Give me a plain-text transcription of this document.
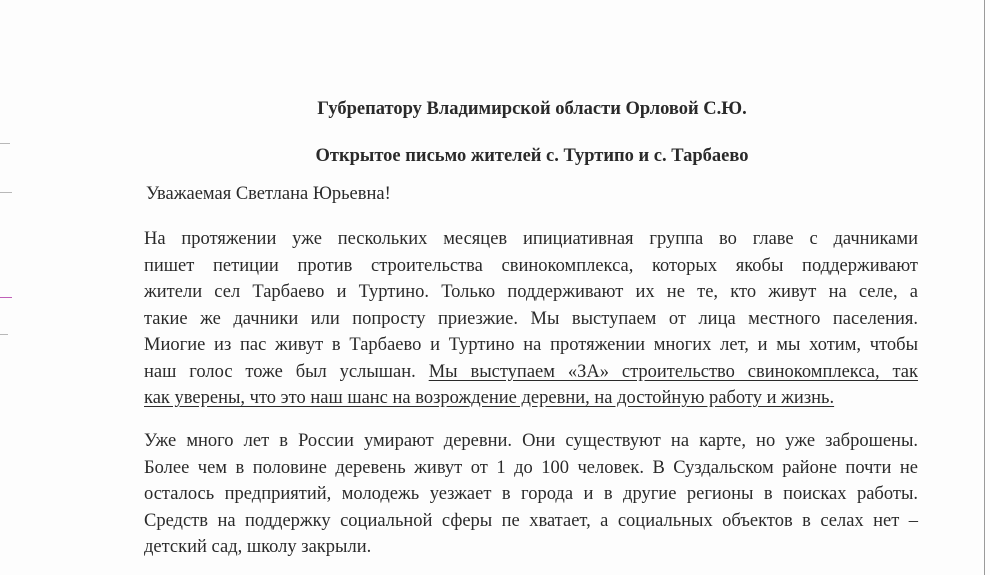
Губрепатору Владимирской области Орловой С.Ю.
Открытое письмо жителей с. Туртипо и с. Тарбаево

Уважаемая Светлана Юрьевна!

На протяжении уже пескольких месяцев ипициативная группа во главе с дачниками
пишет петиции против строительства свинокомплекса, которых якобы поддерживают
жители сел Тарбаево и Туртино. Только поддерживают их не те, кто живут на селе, а
такие же дачники или попросту приезжие. Мы выступаем от лица местного паселения.
Миогие из пас живут в Тарбаево и Туртино на протяжении многих лет, и мы хотим, чтобы
наш голос тоже был услышан. Мы выступаем «ЗА» строительство свинокомплекса, так
как уверены, что это наш шанс на возрождение деревни, на достойную работу и жизнь.
Уже много лет в России умирают деревни. Они существуют на карте, но уже заброшены.
Более чем в половине деревень живут от 1 до 100 человек. В Суздальском районе почти не
осталось предприятий, молодежь уезжает в города и в другие регионы в поисках работы.
Средств на поддержку социальной сферы пе хватает, а социальных объектов в селах нет –
детский сад, школу закрыли.
